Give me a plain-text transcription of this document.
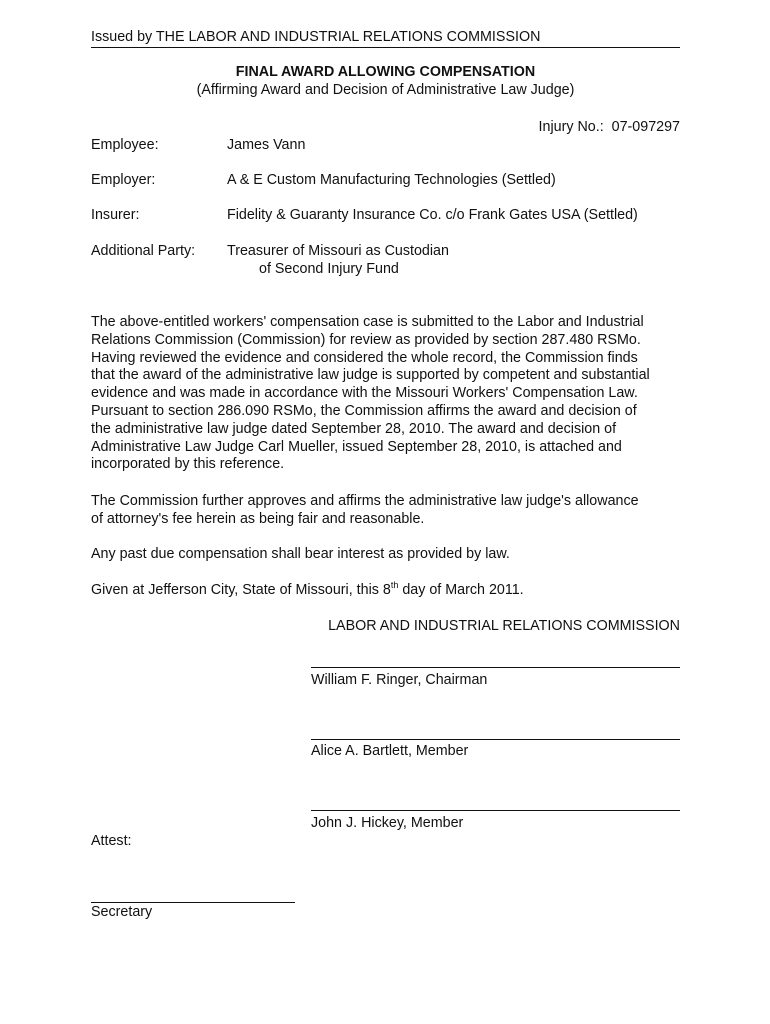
Issued by THE LABOR AND INDUSTRIAL RELATIONS COMMISSION
FINAL AWARD ALLOWING COMPENSATION
(Affirming Award and Decision of Administrative Law Judge)
Injury No.: 07-097297
Employee:	James Vann
Employer:	A & E Custom Manufacturing Technologies (Settled)
Insurer:	Fidelity & Guaranty Insurance Co. c/o Frank Gates USA (Settled)
Additional Party: Treasurer of Missouri as Custodian
of Second Injury Fund
The above-entitled workers' compensation case is submitted to the Labor and Industrial
Relations Commission (Commission) for review as provided by section 287.480 RSMo.
Having reviewed the evidence and considered the whole record, the Commission finds
that the award of the administrative law judge is supported by competent and substantial
evidence and was made in accordance with the Missouri Workers' Compensation Law.
Pursuant to section 286.090 RSMo, the Commission affirms the award and decision of
the administrative law judge dated September 28, 2010. The award and decision of
Administrative Law Judge Carl Mueller, issued September 28, 2010, is attached and
incorporated by this reference.
The Commission further approves and affirms the administrative law judge's allowance
of attorney's fee herein as being fair and reasonable.
Any past due compensation shall bear interest as provided by law.
Given at Jefferson City, State of Missouri, this 8th day of March 2011.
LABOR AND INDUSTRIAL RELATIONS COMMISSION
William F. Ringer, Chairman
Alice A. Bartlett, Member
John J. Hickey, Member
Attest:
Secretary
